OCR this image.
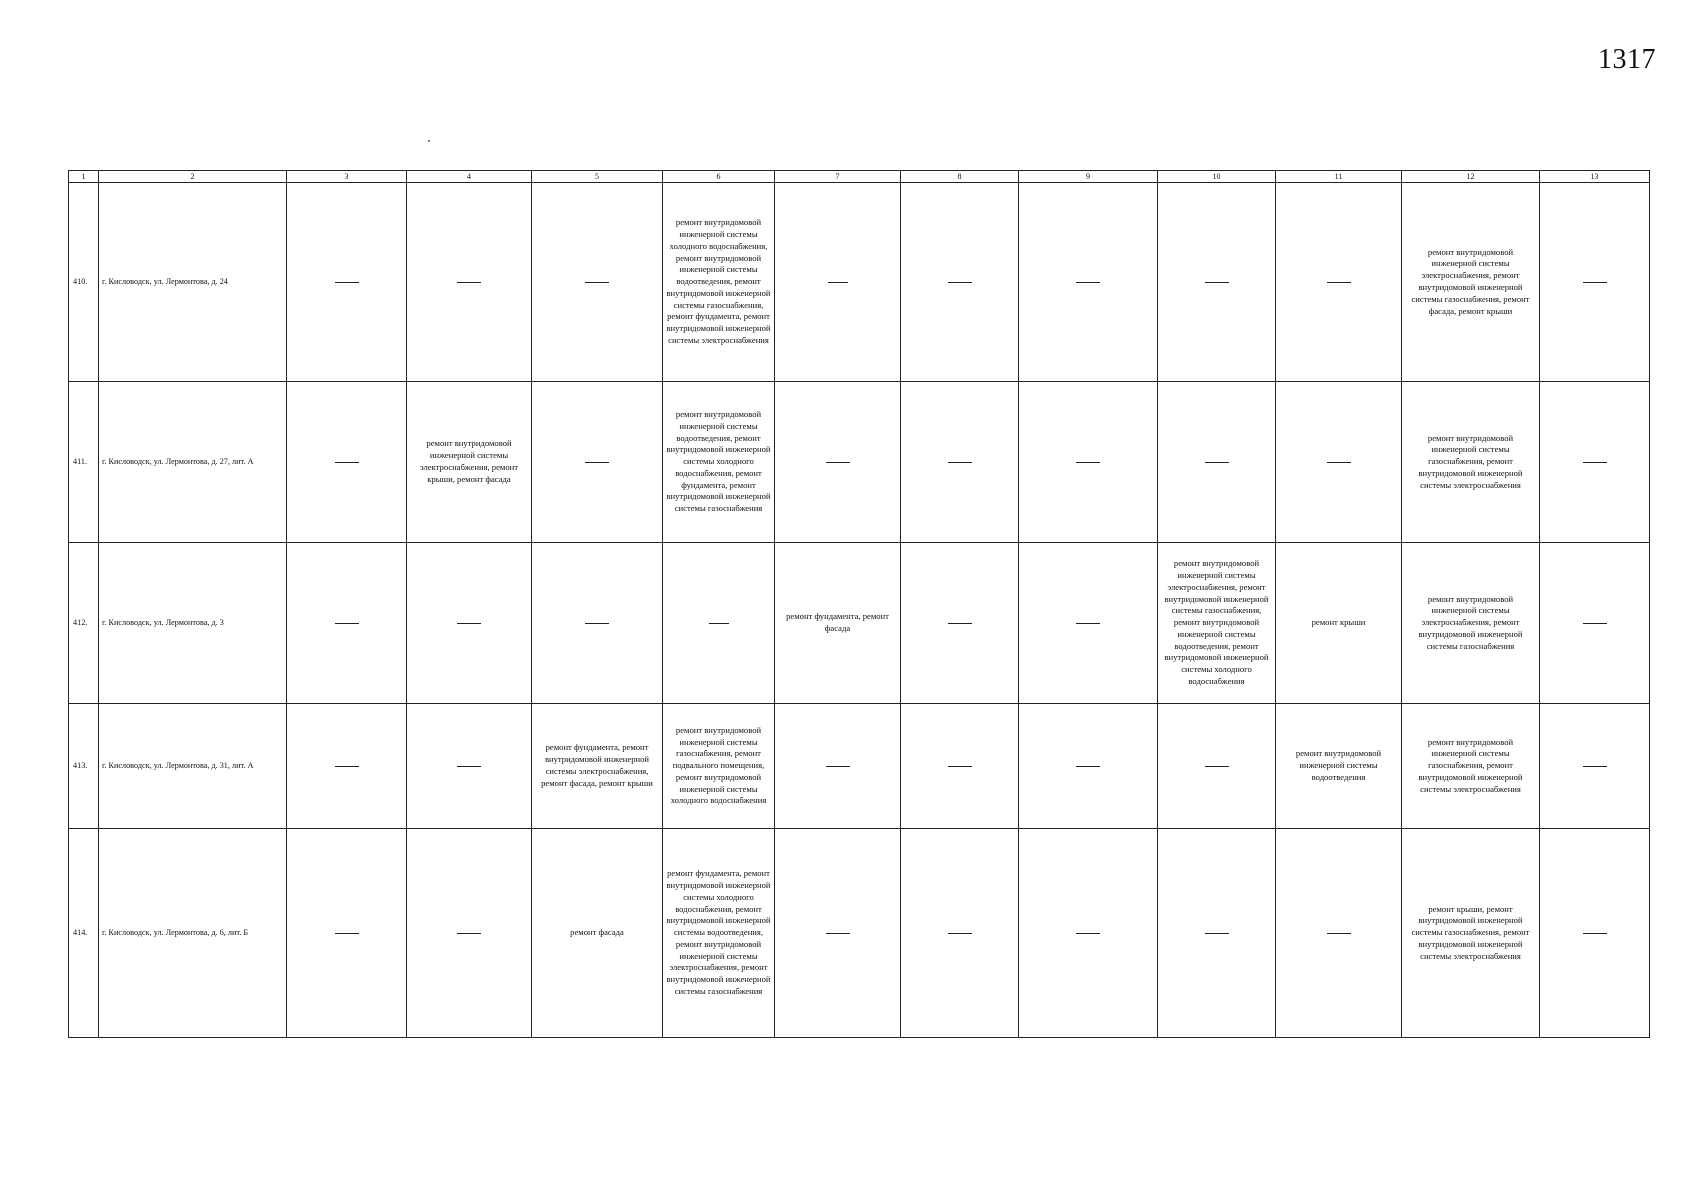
1317
1	2	3	4	5	6	7	8	9	10	11	12	13
410.	г. Кисловодск, ул. Лермонтова, д. 24				ремонт внутридомовой инженерной системы холодного водоснабжения, ремонт внутридомовой инженерной системы водоотведения, ремонт внутридомовой инженерной системы газоснабжения, ремонт фундамента, ремонт внутридомовой инженерной системы электроснабжения						ремонт внутридомовой инженерной системы электроснабжения, ремонт внутридомовой инженерной системы газоснабжения, ремонт фасада, ремонт крыши	
411.	г. Кисловодск, ул. Лермонтова, д. 27, лит. А		ремонт внутридомовой инженерной системы электроснабжения, ремонт крыши, ремонт фасада		ремонт внутридомовой инженерной системы водоотведения, ремонт внутридомовой инженерной системы холодного водоснабжения, ремонт фундамента, ремонт внутридомовой инженерной системы газоснабжения						ремонт внутридомовой инженерной системы газоснабжения, ремонт внутридомовой инженерной системы электроснабжения	
412.	г. Кисловодск, ул. Лермонтова, д. 3					ремонт фундамента, ремонт фасада			ремонт внутридомовой инженерной системы электроснабжения, ремонт внутридомовой инженерной системы газоснабжения, ремонт внутридомовой инженерной системы водоотведения, ремонт внутридомовой инженерной системы холодного водоснабжения	ремонт крыши	ремонт внутридомовой инженерной системы электроснабжения, ремонт внутридомовой инженерной системы газоснабжения	
413.	г. Кисловодск, ул. Лермонтова, д. 31, лит. А			ремонт фундамента, ремонт внутридомовой инженерной системы электроснабжения, ремонт фасада, ремонт крыши	ремонт внутридомовой инженерной системы газоснабжения, ремонт подвального помещения, ремонт внутридомовой инженерной системы холодного водоснабжения					ремонт внутридомовой инженерной системы водоотведения	ремонт внутридомовой инженерной системы газоснабжения, ремонт внутридомовой инженерной системы электроснабжения	
414.	г. Кисловодск, ул. Лермонтова, д. 6, лит. Б			ремонт фасада	ремонт фундамента, ремонт внутридомовой инженерной системы холодного водоснабжения, ремонт внутридомовой инженерной системы водоотведения, ремонт внутридомовой инженерной системы электроснабжения, ремонт внутридомовой инженерной системы газоснабжения						ремонт крыши, ремонт внутридомовой инженерной системы газоснабжения, ремонт внутридомовой инженерной системы электроснабжения	
